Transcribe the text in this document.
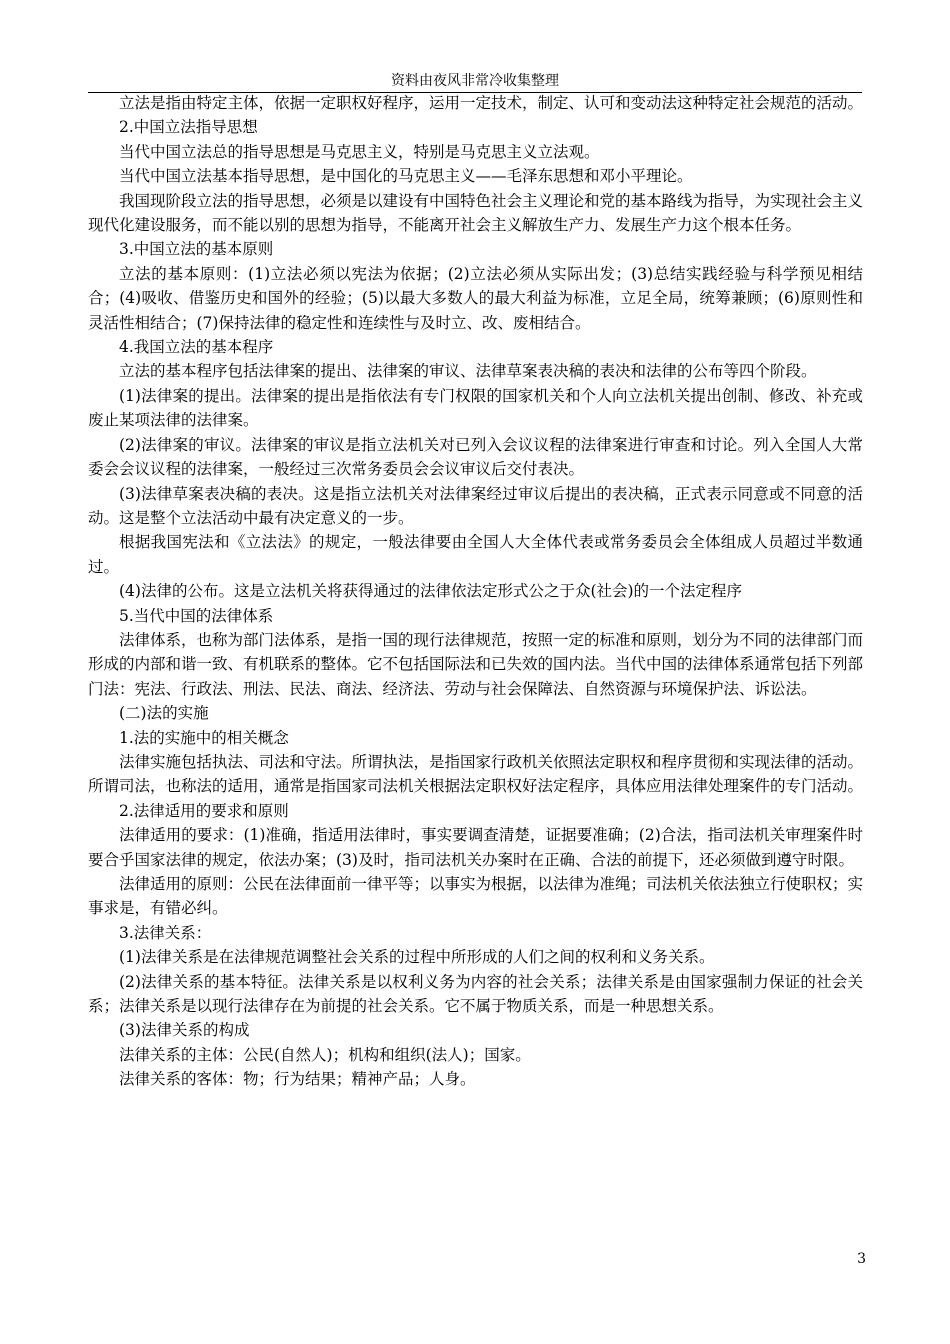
资料由夜风非常冷收集整理

立法是指由特定主体，依据一定职权好程序，运用一定技术，制定、认可和变动法这种特定社会规范的活动。

2.中国立法指导思想

当代中国立法总的指导思想是马克思主义，特别是马克思主义立法观。

当代中国立法基本指导思想，是中国化的马克思主义——毛泽东思想和邓小平理论。

我国现阶段立法的指导思想，必须是以建设有中国特色社会主义理论和党的基本路线为指导，为实现社会主义现代化建设服务，而不能以别的思想为指导，不能离开社会主义解放生产力、发展生产力这个根本任务。

3.中国立法的基本原则

立法的基本原则：(1)立法必须以宪法为依据；(2)立法必须从实际出发；(3)总结实践经验与科学预见相结合；(4)吸收、借鉴历史和国外的经验；(5)以最大多数人的最大利益为标准，立足全局，统筹兼顾；(6)原则性和灵活性相结合；(7)保持法律的稳定性和连续性与及时立、改、废相结合。

4.我国立法的基本程序

立法的基本程序包括法律案的提出、法律案的审议、法律草案表决稿的表决和法律的公布等四个阶段。

(1)法律案的提出。法律案的提出是指依法有专门权限的国家机关和个人向立法机关提出创制、修改、补充或废止某项法律的法律案。

(2)法律案的审议。法律案的审议是指立法机关对已列入会议议程的法律案进行审查和讨论。列入全国人大常委会会议议程的法律案，一般经过三次常务委员会会议审议后交付表决。

(3)法律草案表决稿的表决。这是指立法机关对法律案经过审议后提出的表决稿，正式表示同意或不同意的活动。这是整个立法活动中最有决定意义的一步。

根据我国宪法和《立法法》的规定，一般法律要由全国人大全体代表或常务委员会全体组成人员超过半数通过。

(4)法律的公布。这是立法机关将获得通过的法律依法定形式公之于众(社会)的一个法定程序

5.当代中国的法律体系

法律体系，也称为部门法体系，是指一国的现行法律规范，按照一定的标准和原则，划分为不同的法律部门而形成的内部和谐一致、有机联系的整体。它不包括国际法和已失效的国内法。当代中国的法律体系通常包括下列部门法：宪法、行政法、刑法、民法、商法、经济法、劳动与社会保障法、自然资源与环境保护法、诉讼法。

(二)法的实施

1.法的实施中的相关概念

法律实施包括执法、司法和守法。所谓执法，是指国家行政机关依照法定职权和程序贯彻和实现法律的活动。所谓司法，也称法的适用，通常是指国家司法机关根据法定职权好法定程序，具体应用法律处理案件的专门活动。

2.法律适用的要求和原则

法律适用的要求：(1)准确，指适用法律时，事实要调查清楚，证据要准确；(2)合法，指司法机关审理案件时要合乎国家法律的规定，依法办案；(3)及时，指司法机关办案时在正确、合法的前提下，还必须做到遵守时限。

法律适用的原则：公民在法律面前一律平等；以事实为根据，以法律为准绳；司法机关依法独立行使职权；实事求是，有错必纠。

3.法律关系：

(1)法律关系是在法律规范调整社会关系的过程中所形成的人们之间的权利和义务关系。

(2)法律关系的基本特征。法律关系是以权利义务为内容的社会关系；法律关系是由国家强制力保证的社会关系；法律关系是以现行法律存在为前提的社会关系。它不属于物质关系，而是一种思想关系。

(3)法律关系的构成

法律关系的主体：公民(自然人)；机构和组织(法人)；国家。

法律关系的客体：物；行为结果；精神产品；人身。

3
